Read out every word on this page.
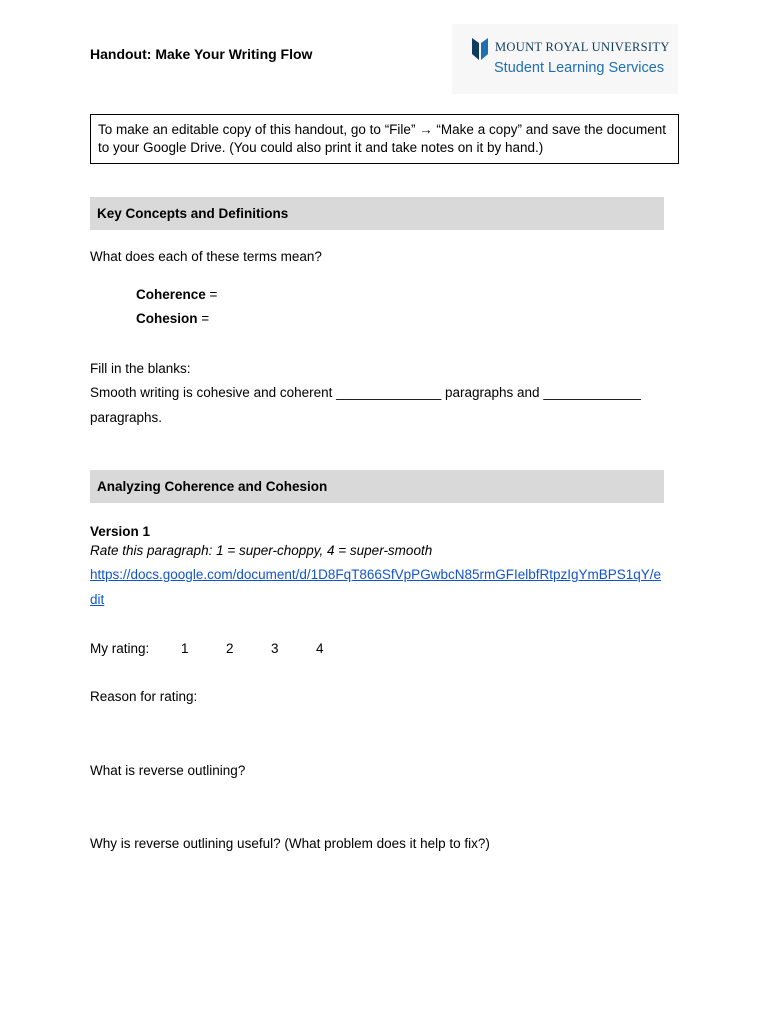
Handout: Make Your Writing Flow	MOUNT ROYAL UNIVERSITY
Student Learning Services
To make an editable copy of this handout, go to “File” → “Make a copy” and save the document to your Google Drive. (You could also print it and take notes on it by hand.)
Key Concepts and Definitions
What does each of these terms mean?
Coherence =
Cohesion =
Fill in the blanks:
Smooth writing is cohesive and coherent ______________ paragraphs and _____________
paragraphs.
Analyzing Coherence and Cohesion
Version 1
Rate this paragraph: 1 = super-choppy, 4 = super-smooth
https://docs.google.com/document/d/1D8FqT866SfVpPGwbcN85rmGFIelbfRtpzIgYmBPS1qY/e
dit
My rating: 1	2	3	4
Reason for rating:
What is reverse outlining?
Why is reverse outlining useful? (What problem does it help to fix?)
